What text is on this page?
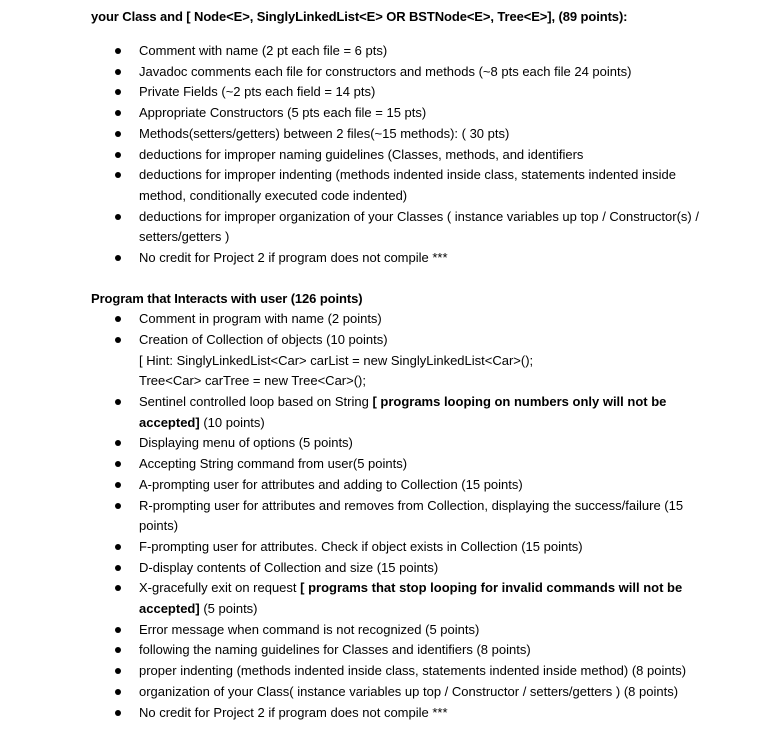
your Class and [ Node<E>, SinglyLinkedList<E> OR BSTNode<E>, Tree<E>], (89 points):
Comment with name (2 pt each file = 6 pts)
Javadoc comments each file for constructors and methods (~8 pts each file 24 points)
Private Fields (~2 pts each field = 14 pts)
Appropriate Constructors (5 pts each file = 15 pts)
Methods(setters/getters) between 2 files(~15 methods): ( 30 pts)
deductions for improper naming guidelines (Classes, methods, and identifiers
deductions for improper indenting (methods indented inside class, statements indented inside method, conditionally executed code indented)
deductions for improper organization of your Classes ( instance variables up top / Constructor(s) / setters/getters )
No credit for Project 2 if program does not compile ***
Program that Interacts with user (126 points)
Comment in program with name (2 points)
Creation of Collection of objects (10 points)
[ Hint: SinglyLinkedList<Car> carList = new SinglyLinkedList<Car>();
Tree<Car> carTree = new Tree<Car>();
Sentinel controlled loop based on String [ programs looping on numbers only will not be accepted] (10 points)
Displaying menu of options (5 points)
Accepting String command from user(5 points)
A-prompting user for attributes and adding to Collection (15 points)
R-prompting user for attributes and removes from Collection, displaying the success/failure (15 points)
F-prompting user for attributes. Check if object exists in Collection (15 points)
D-display contents of Collection and size (15 points)
X-gracefully exit on request [ programs that stop looping for invalid commands will not be accepted] (5 points)
Error message when command is not recognized (5 points)
following the naming guidelines for Classes and identifiers (8 points)
proper indenting (methods indented inside class, statements indented inside method) (8 points)
organization of your Class( instance variables up top / Constructor / setters/getters ) (8 points)
No credit for Project 2 if program does not compile ***
